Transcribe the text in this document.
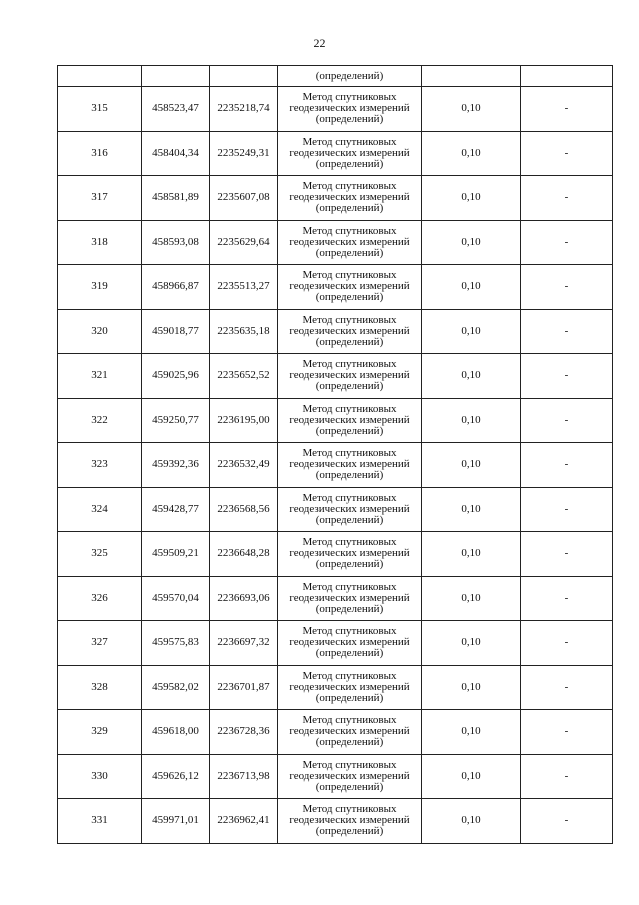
22
			(определений)		
315	458523,47	2235218,74	Метод спутниковых
геодезических измерений
(определений)	0,10	-
316	458404,34	2235249,31	Метод спутниковых
геодезических измерений
(определений)	0,10	-
317	458581,89	2235607,08	Метод спутниковых
геодезических измерений
(определений)	0,10	-
318	458593,08	2235629,64	Метод спутниковых
геодезических измерений
(определений)	0,10	-
319	458966,87	2235513,27	Метод спутниковых
геодезических измерений
(определений)	0,10	-
320	459018,77	2235635,18	Метод спутниковых
геодезических измерений
(определений)	0,10	-
321	459025,96	2235652,52	Метод спутниковых
геодезических измерений
(определений)	0,10	-
322	459250,77	2236195,00	Метод спутниковых
геодезических измерений
(определений)	0,10	-
323	459392,36	2236532,49	Метод спутниковых
геодезических измерений
(определений)	0,10	-
324	459428,77	2236568,56	Метод спутниковых
геодезических измерений
(определений)	0,10	-
325	459509,21	2236648,28	Метод спутниковых
геодезических измерений
(определений)	0,10	-
326	459570,04	2236693,06	Метод спутниковых
геодезических измерений
(определений)	0,10	-
327	459575,83	2236697,32	Метод спутниковых
геодезических измерений
(определений)	0,10	-
328	459582,02	2236701,87	Метод спутниковых
геодезических измерений
(определений)	0,10	-
329	459618,00	2236728,36	Метод спутниковых
геодезических измерений
(определений)	0,10	-
330	459626,12	2236713,98	Метод спутниковых
геодезических измерений
(определений)	0,10	-
331	459971,01	2236962,41	Метод спутниковых
геодезических измерений
(определений)	0,10	-
